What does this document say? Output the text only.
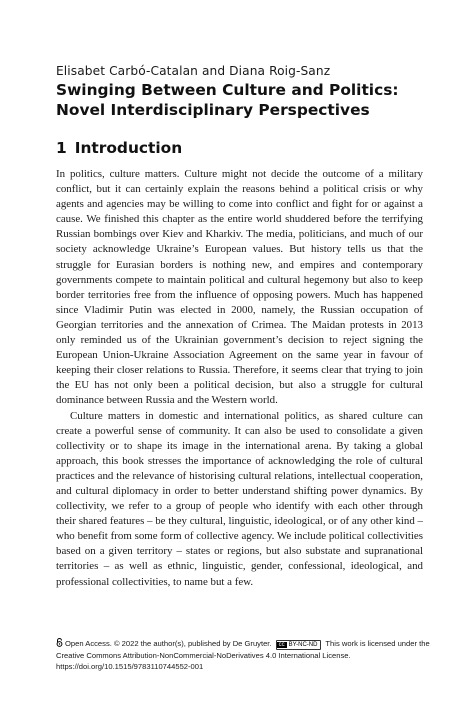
Elisabet Carbó-Catalan and Diana Roig-Sanz
Swinging Between Culture and Politics: Novel Interdisciplinary Perspectives
1 Introduction

In politics, culture matters. Culture might not decide the outcome of a military conflict, but it can certainly explain the reasons behind a political crisis or why agents and agencies may be willing to come into conflict and fight for or against a cause. We finished this chapter as the entire world shuddered before the terrifying Russian bombings over Kiev and Kharkiv. The media, politicians, and much of our society acknowledge Ukraine’s European values. But history tells us that the struggle for Eurasian borders is nothing new, and empires and contemporary governments compete to maintain political and cultural hegemony but also to keep border territories free from the influence of opposing powers. Much has happened since Vladimir Putin was elected in 2000, namely, the Russian occupation of Georgian territories and the annexation of Crimea. The Maidan protests in 2013 only reminded us of the Ukrainian government’s decision to reject signing the European Union-Ukraine Association Agreement on the same year in favour of keeping their closer relations to Russia. Therefore, it seems clear that trying to join the EU has not only been a political decision, but also a struggle for cultural dominance between Russia and the Western world.

Culture matters in domestic and international politics, as shared culture can create a powerful sense of community. It can also be used to consolidate a given collectivity or to shape its image in the international arena. By taking a global approach, this book stresses the importance of acknowledging the role of cultural practices and the relevance of historising cultural relations, intellectual cooperation, and cultural diplomacy in order to better understand shifting power dynamics. By collectivity, we refer to a group of people who identify with each other through their shared features – be they cultural, linguistic, ideological, or of any other kind – who benefit from some form of collective agency. We include political collectivities based on a given territory – states or regions, but also substate and supranational territories – as well as ethnic, linguistic, gender, confessional, ideological, and professional collectivities, to name but a few.

Open Access. © 2022 the author(s), published by De Gruyter. cc BY-NC-ND This work is licensed under the Creative Commons Attribution-NonCommercial-NoDerivatives 4.0 International License.
https://doi.org/10.1515/9783110744552-001
